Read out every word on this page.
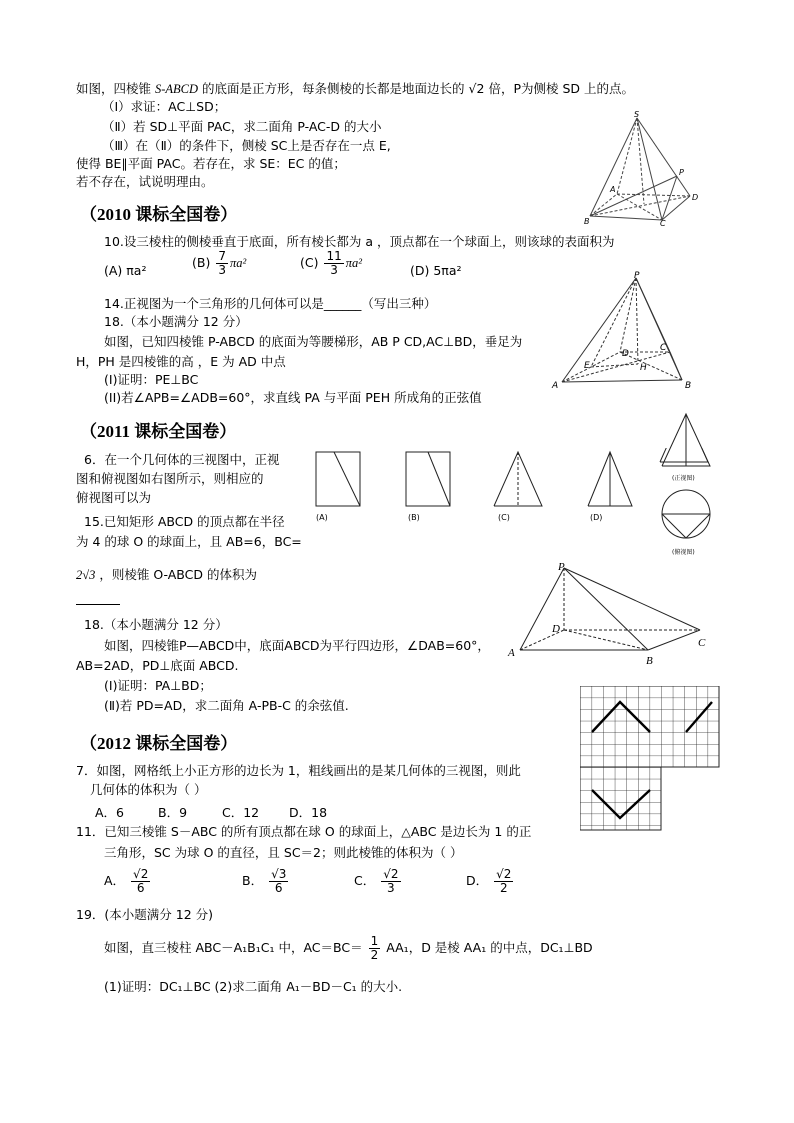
如图，四棱锥 S-ABCD 的底面是正方形，每条侧棱的长都是地面边长的 √2 倍，P为侧棱 SD 上的点。
（Ⅰ）求证：AC⊥SD；
（Ⅱ）若 SD⊥平面 PAC，求二面角 P-AC-D 的大小
（Ⅲ）在（Ⅱ）的条件下，侧棱 SC上是否存在一点 E,
使得 BE∥平面 PAC。若存在，求 SE：EC 的值；
若不存在，试说明理由。
S
P
D
B	C
A
（2010 课标全国卷）
10.设三棱柱的侧棱垂直于底面，所有棱长都为 a ，顶点都在一个球面上，则该球的表面积为
(A) πa²
$(B) \frac{7}{3} \pi a^2$	$(C) \frac{11}{3} \pi a^2$	(D) 5πa²
14.正视图为一个三角形的几何体可以是______（写出三种）
18.（本小题满分 12 分）
如图，已知四棱锥 P-ABCD 的底面为等腰梯形，AB P CD,AC⊥BD，垂足为
H，PH 是四棱锥的高 ，E 为 AD 中点
(I)证明：PE⊥BC
(II)若∠APB=∠ADB=60°，求直线 PA 与平面 PEH 所成角的正弦值
P
A	B
C
D
E	H
（2011 课标全国卷）
6．在一个几何体的三视图中，正视
图和俯视图如右图所示，则相应的
俯视图可以为
(A)	(B)	(C)	(D)
(正视图)
(俯视图)
15.已知矩形 ABCD 的顶点都在半径
为 4 的球 O 的球面上，且 AB=6，BC=
2√3 ，则棱锥 O-ABCD 的体积为	P
A
B
C
D
18.（本小题满分 12 分）
如图，四棱锥P—ABCD中，底面ABCD为平行四边形，∠DAB=60°，
AB=2AD，PD⊥底面 ABCD.
(Ⅰ)证明：PA⊥BD；
(Ⅱ)若 PD=AD，求二面角 A-PB-C 的余弦值.
（2012 课标全国卷）
7．如图，网格纸上小正方形的边长为 1，粗线画出的是某几何体的三视图，则此
几何体的体积为（ ）
A．6	B．9	C．12 D．18
11．已知三棱锥 S－ABC 的所有顶点都在球 O 的球面上，△ABC 是边长为 1 的正
三角形，SC 为球 O 的直径，且 SC＝2；则此棱锥的体积为（ ）
A． $\frac{√2}{6}$	B． $\frac{√3}{6}$	C． $\frac{√2}{3}$	D． $\frac{√2}{2}$
19．(本小题满分 12 分)
如图，直三棱柱 ABC－A₁B₁C₁ 中，$AC=BC= \frac{1}{2} AA_1$，D 是棱 AA₁ 的中点，DC₁⊥BD
(1)证明：DC₁⊥BC (2)求二面角 A₁－BD－C₁ 的大小.
